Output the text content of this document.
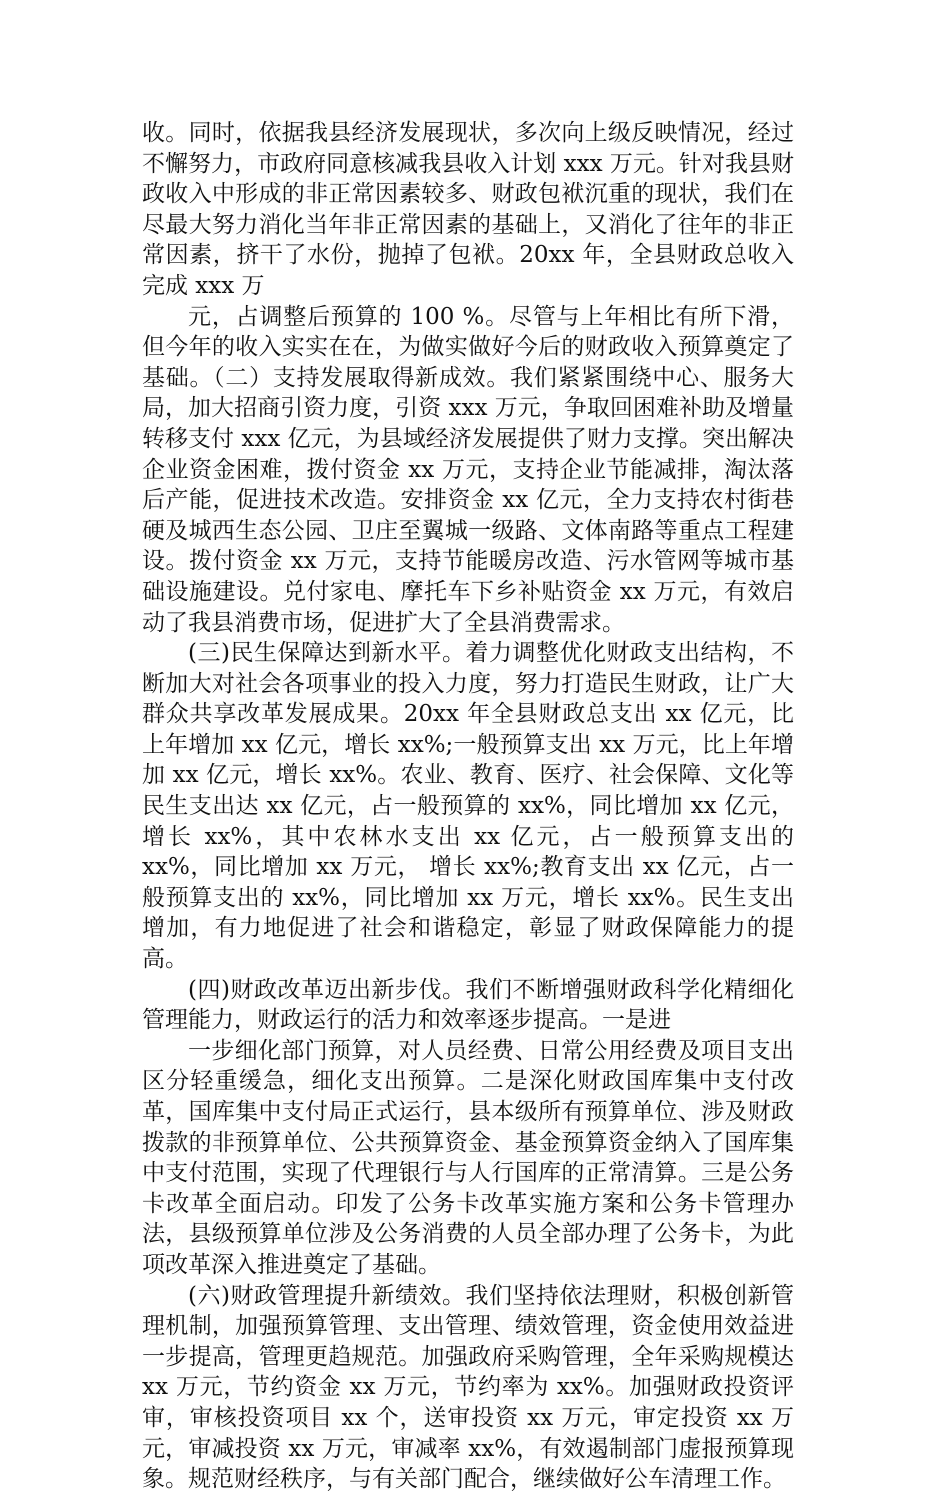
收。同时，依据我县经济发展现状，多次向上级反映情况，经过不懈努力，市政府同意核减我县收入计划 xxx 万元。针对我县财政收入中形成的非正常因素较多、财政包袱沉重的现状，我们在尽最大努力消化当年非正常因素的基础上，又消化了往年的非正常因素，挤干了水份，抛掉了包袱。20xx 年，全县财政总收入完成 xxx 万

元，占调整后预算的 100 %。尽管与上年相比有所下滑，但今年的收入实实在在，为做实做好今后的财政收入预算奠定了基础。（二）支持发展取得新成效。我们紧紧围绕中心、服务大局，加大招商引资力度，引资 xxx 万元，争取回困难补助及增量转移支付 xxx 亿元，为县域经济发展提供了财力支撑。突出解决企业资金困难，拨付资金 xx 万元，支持企业节能减排，淘汰落后产能，促进技术改造。安排资金 xx 亿元，全力支持农村街巷硬及城西生态公园、卫庄至翼城一级路、文体南路等重点工程建设。拨付资金 xx 万元，支持节能暖房改造、污水管网等城市基础设施建设。兑付家电、摩托车下乡补贴资金 xx 万元，有效启动了我县消费市场，促进扩大了全县消费需求。

(三)民生保障达到新水平。着力调整优化财政支出结构，不断加大对社会各项事业的投入力度，努力打造民生财政，让广大群众共享改革发展成果。20xx 年全县财政总支出 xx 亿元，比上年增加 xx 亿元，增长 xx%;一般预算支出 xx 万元，比上年增加 xx 亿元，增长 xx%。农业、教育、医疗、社会保障、文化等民生支出达 xx 亿元，占一般预算的 xx%，同比增加 xx 亿元，增长 xx%，其中农林水支出 xx 亿元，占一般预算支出的 xx%，同比增加 xx 万元， 增长 xx%;教育支出 xx 亿元，占一般预算支出的 xx%，同比增加 xx 万元，增长 xx%。民生支出增加，有力地促进了社会和谐稳定，彰显了财政保障能力的提高。

(四)财政改革迈出新步伐。我们不断增强财政科学化精细化管理能力，财政运行的活力和效率逐步提高。一是进

一步细化部门预算，对人员经费、日常公用经费及项目支出区分轻重缓急，细化支出预算。二是深化财政国库集中支付改革，国库集中支付局正式运行，县本级所有预算单位、涉及财政拨款的非预算单位、公共预算资金、基金预算资金纳入了国库集中支付范围，实现了代理银行与人行国库的正常清算。三是公务卡改革全面启动。印发了公务卡改革实施方案和公务卡管理办法，县级预算单位涉及公务消费的人员全部办理了公务卡，为此项改革深入推进奠定了基础。

(六)财政管理提升新绩效。我们坚持依法理财，积极创新管理机制，加强预算管理、支出管理、绩效管理，资金使用效益进一步提高，管理更趋规范。加强政府采购管理，全年采购规模达 xx 万元，节约资金 xx 万元，节约率为 xx%。加强财政投资评审，审核投资项目 xx 个，送审投资 xx 万元，审定投资 xx 万元，审减投资 xx 万元，审减率 xx%，有效遏制部门虚报预算现象。规范财经秩序，与有关部门配合，继续做好公车清理工作。
